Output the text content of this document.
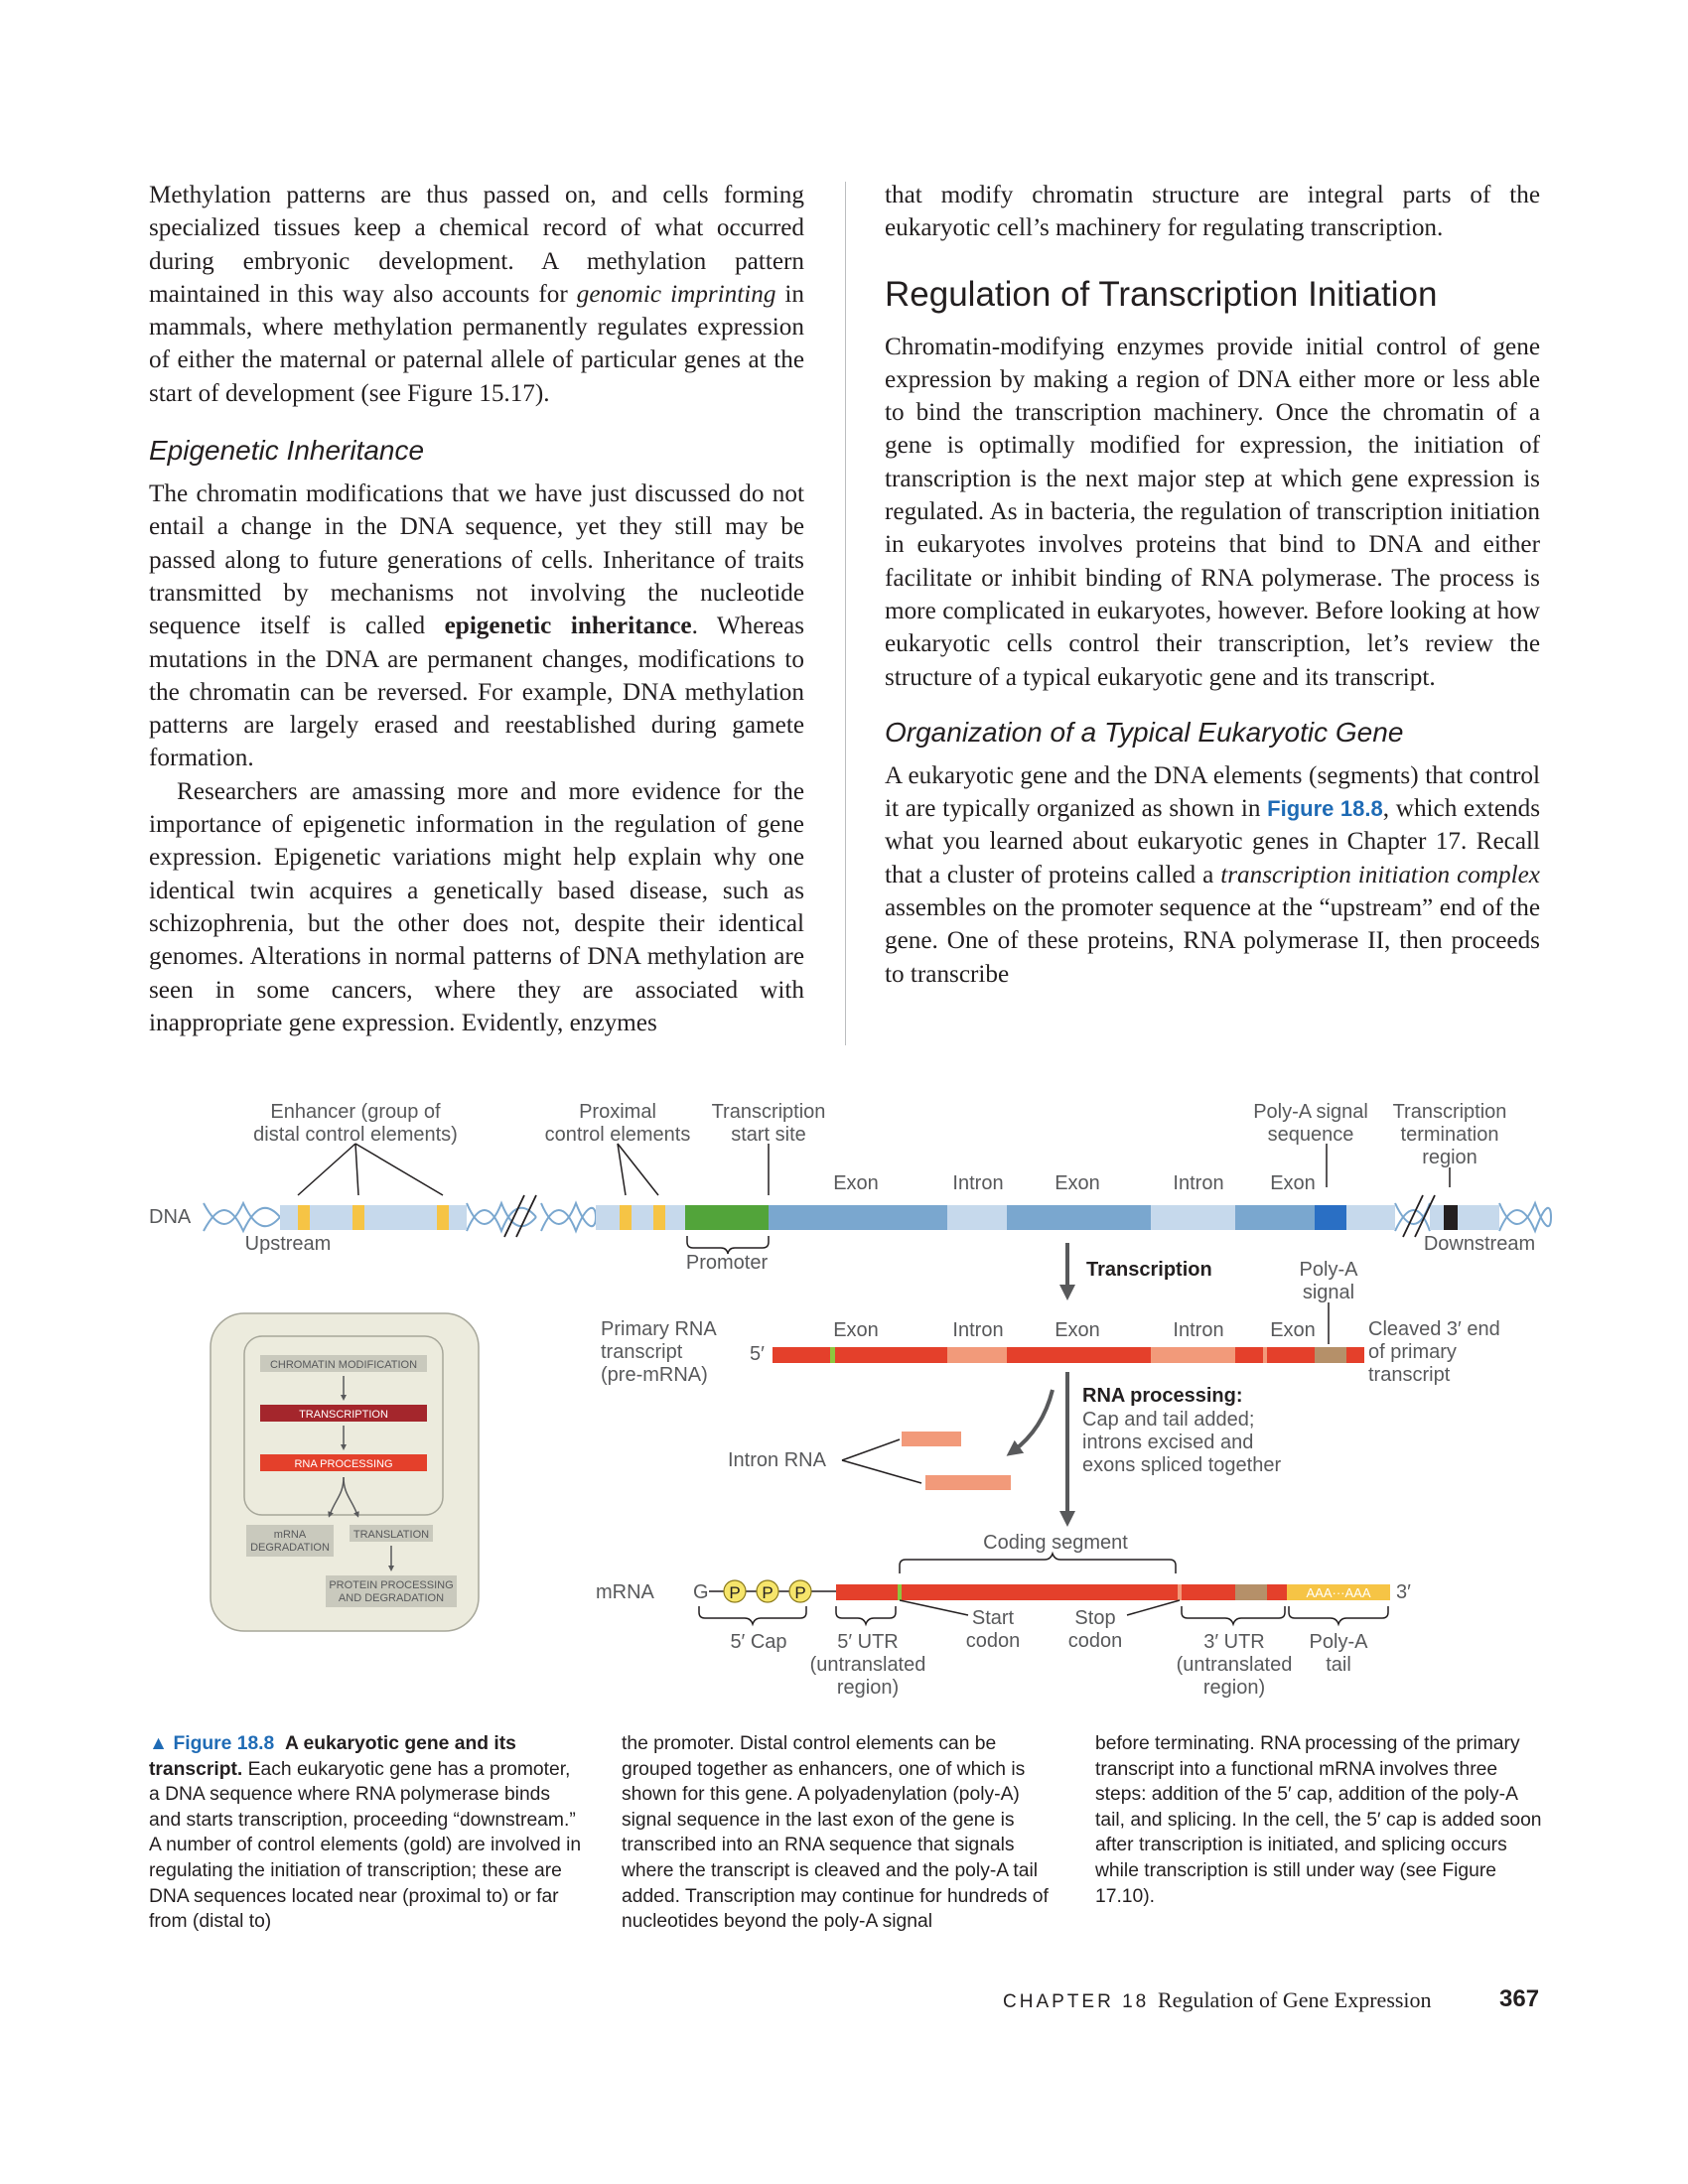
Methylation patterns are thus passed on, and cells forming specialized tissues keep a chemical record of what occurred during embryonic development. A methylation pattern maintained in this way also accounts for genomic imprinting in mammals, where methylation permanently regulates expression of either the maternal or paternal allele of particular genes at the start of development (see Figure 15.17).

Epigenetic Inheritance

The chromatin modifications that we have just discussed do not entail a change in the DNA sequence, yet they still may be passed along to future generations of cells. Inheritance of traits transmitted by mechanisms not involving the nucleotide sequence itself is called epigenetic inheritance. Whereas mutations in the DNA are permanent changes, modifications to the chromatin can be reversed. For example, DNA methylation patterns are largely erased and reestablished during gamete formation.

Researchers are amassing more and more evidence for the importance of epigenetic information in the regulation of gene expression. Epigenetic variations might help explain why one identical twin acquires a genetically based disease, such as schizophrenia, but the other does not, despite their identical genomes. Alterations in normal patterns of DNA methylation are seen in some cancers, where they are associated with inappropriate gene expression. Evidently, enzymes

that modify chromatin structure are integral parts of the eukaryotic cell’s machinery for regulating transcription.

Regulation of Transcription Initiation

Chromatin-modifying enzymes provide initial control of gene expression by making a region of DNA either more or less able to bind the transcription machinery. Once the chromatin of a gene is optimally modified for expression, the initiation of transcription is the next major step at which gene expression is regulated. As in bacteria, the regulation of transcription initiation in eukaryotes involves proteins that bind to DNA and either facilitate or inhibit binding of RNA polymerase. The process is more complicated in eukaryotes, however. Before looking at how eukaryotic cells control their transcription, let’s review the structure of a typical eukaryotic gene and its transcript.

Organization of a Typical Eukaryotic Gene

A eukaryotic gene and the DNA elements (segments) that control it are typically organized as shown in Figure 18.8, which extends what you learned about eukaryotic genes in Chapter 17. Recall that a cluster of proteins called a transcription initiation complex assembles on the promoter sequence at the “upstream” end of the gene. One of these proteins, RNA polymerase II, then proceeds to transcribe

Enhancer (group of distal control elements)
Proximal control elements
Transcription start site
Poly-A signal sequence
Transcription termination region
Exon	Intron	Exon	Intron Exon
DNA
Upstream	Downstream
Promoter	Transcription	Poly-A signal
Primary RNA transcript (pre-mRNA)
5′
Exon	Intron	Exon	Intron Exon	Cleaved 3′ end of primary transcript
RNA processing:
Cap and tail added; introns excised and exons spliced together
Intron RNA
Coding segment
mRNA G P P P	AAA···AAA 3′
Start codon
Stop codon
5′ Cap	5′ UTR (untranslated region)
3′ UTR (untranslated region)
Poly-A tail
CHROMATIN MODIFICATION
TRANSCRIPTION
RNA PROCESSING
mRNA DEGRADATION
TRANSLATION
PROTEIN PROCESSING AND DEGRADATION

▲ Figure 18.8 A eukaryotic gene and its transcript. Each eukaryotic gene has a promoter, a DNA sequence where RNA polymerase binds and starts transcription, proceeding “downstream.” A number of control elements (gold) are involved in regulating the initiation of transcription; these are DNA sequences located near (proximal to) or far from (distal to)

the promoter. Distal control elements can be grouped together as enhancers, one of which is shown for this gene. A polyadenylation (poly-A) signal sequence in the last exon of the gene is transcribed into an RNA sequence that signals where the transcript is cleaved and the poly-A tail added. Transcription may continue for hundreds of nucleotides beyond the poly-A signal

before terminating. RNA processing of the primary transcript into a functional mRNA involves three steps: addition of the 5′ cap, addition of the poly-A tail, and splicing. In the cell, the 5′ cap is added soon after transcription is initiated, and splicing occurs while transcription is still under way (see Figure 17.10).

CHAPTER 18 Regulation of Gene Expression	367
